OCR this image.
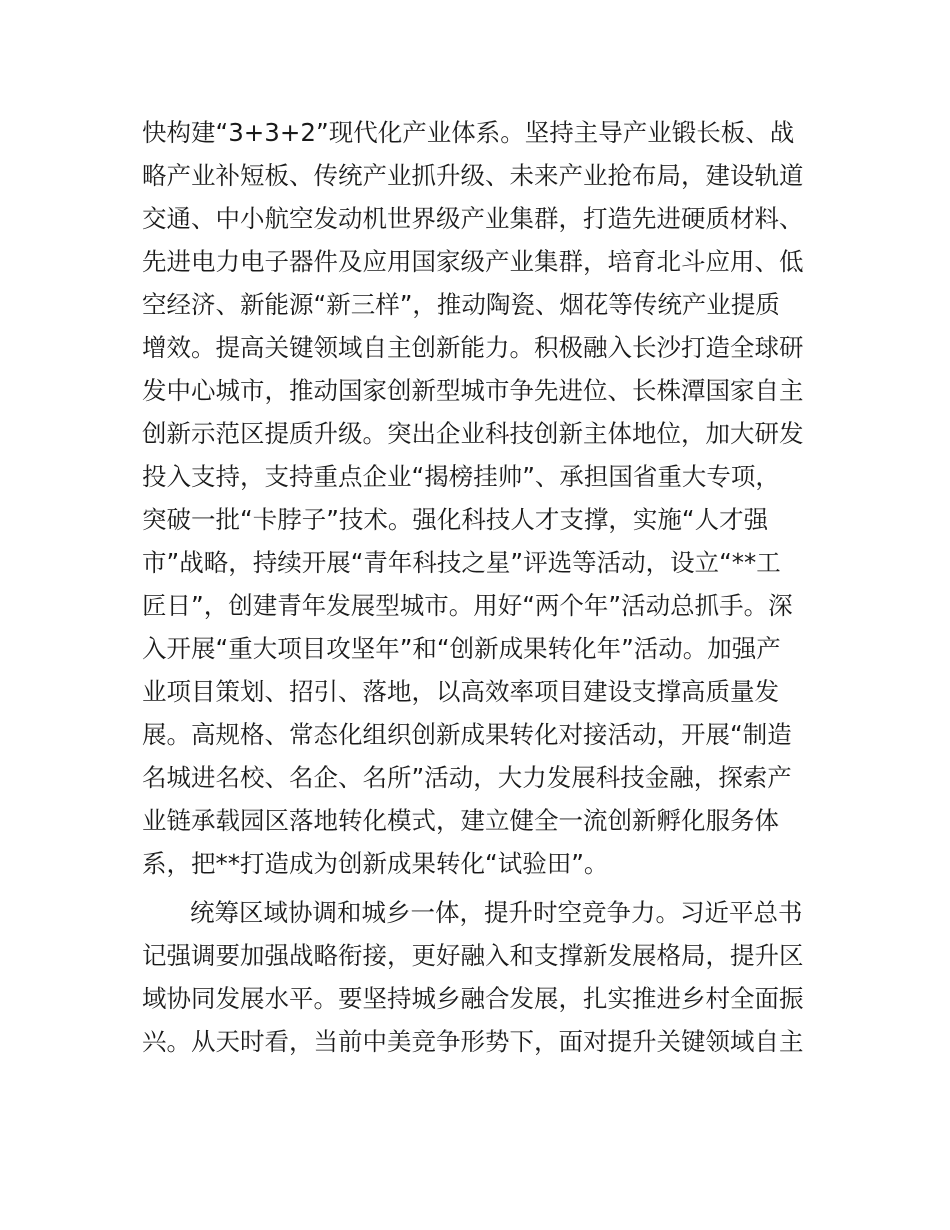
快构建“3+3+2”现代化产业体系。坚持主导产业锻长板、战
略产业补短板、传统产业抓升级、未来产业抢布局，建设轨道
交通、中小航空发动机世界级产业集群，打造先进硬质材料、
先进电力电子器件及应用国家级产业集群，培育北斗应用、低
空经济、新能源“新三样”，推动陶瓷、烟花等传统产业提质
增效。提高关键领域自主创新能力。积极融入长沙打造全球研
发中心城市，推动国家创新型城市争先进位、长株潭国家自主
创新示范区提质升级。突出企业科技创新主体地位，加大研发
投入支持，支持重点企业“揭榜挂帅”、承担国省重大专项，
突破一批“卡脖子”技术。强化科技人才支撑，实施“人才强
市”战略，持续开展“青年科技之星”评选等活动，设立“**工
匠日”，创建青年发展型城市。用好“两个年”活动总抓手。深
入开展“重大项目攻坚年”和“创新成果转化年”活动。加强产
业项目策划、招引、落地，以高效率项目建设支撑高质量发
展。高规格、常态化组织创新成果转化对接活动，开展“制造
名城进名校、名企、名所”活动，大力发展科技金融，探索产
业链承载园区落地转化模式，建立健全一流创新孵化服务体
系，把**打造成为创新成果转化“试验田”。
统筹区域协调和城乡一体，提升时空竞争力。习近平总书
记强调要加强战略衔接，更好融入和支撑新发展格局，提升区
域协同发展水平。要坚持城乡融合发展，扎实推进乡村全面振
兴。从天时看，当前中美竞争形势下，面对提升关键领域自主
